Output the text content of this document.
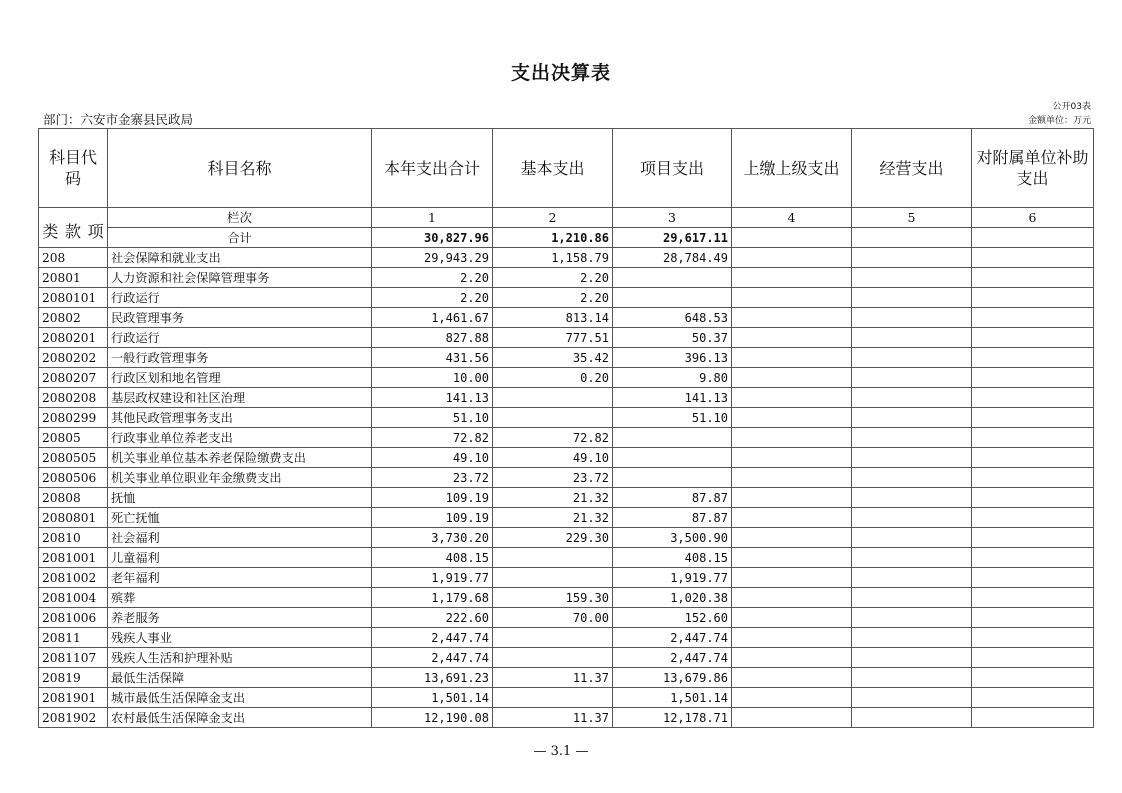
支出决算表
公开03表
部门：六安市金寨县民政局	金额单位：万元
科目代码	科目名称	本年支出合计	基本支出	项目支出	上缴上级支出	经营支出	对附属单位补助支出

类 款 项	栏次	1	2	3	4	5	6
	合计	30,827.96	1,210.86	29,617.11			
208	社会保障和就业支出	29,943.29	1,158.79	28,784.49			
20801	人力资源和社会保障管理事务	2.20	2.20				
2080101	行政运行	2.20	2.20				
20802	民政管理事务	1,461.67	813.14	648.53			
2080201	行政运行	827.88	777.51	50.37			
2080202	一般行政管理事务	431.56	35.42	396.13			
2080207	行政区划和地名管理	10.00	0.20	9.80			
2080208	基层政权建设和社区治理	141.13		141.13			
2080299	其他民政管理事务支出	51.10		51.10			
20805	行政事业单位养老支出	72.82	72.82				
2080505	机关事业单位基本养老保险缴费支出	49.10	49.10				
2080506	机关事业单位职业年金缴费支出	23.72	23.72				
20808	抚恤	109.19	21.32	87.87			
2080801	死亡抚恤	109.19	21.32	87.87			
20810	社会福利	3,730.20	229.30	3,500.90			
2081001	儿童福利	408.15		408.15			
2081002	老年福利	1,919.77		1,919.77			
2081004	殡葬	1,179.68	159.30	1,020.38			
2081006	养老服务	222.60	70.00	152.60			
20811	残疾人事业	2,447.74		2,447.74			
2081107	残疾人生活和护理补贴	2,447.74		2,447.74			
20819	最低生活保障	13,691.23	11.37	13,679.86			
2081901	城市最低生活保障金支出	1,501.14		1,501.14			
2081902	农村最低生活保障金支出	12,190.08	11.37	12,178.71			
— 3.1 —
